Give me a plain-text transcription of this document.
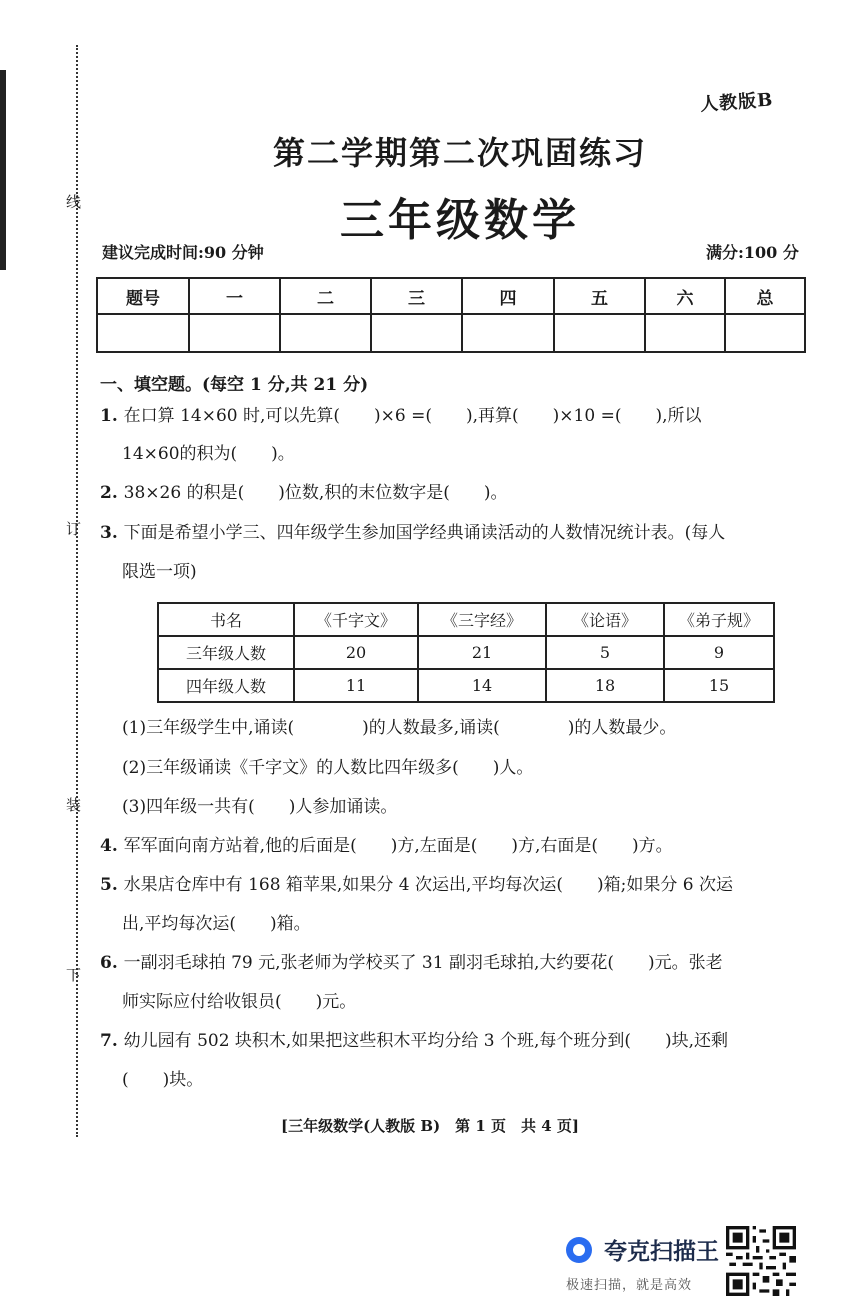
线
订
装
下
人教版B
第二学期第二次巩固练习
三年级数学
建议完成时间:90 分钟	满分:100 分
题号	一	二	三	四	五	六	总

一、填空题。(每空 1 分,共 21 分)
1. 在口算 14×60 时,可以先算(　　)×6 =(　　),再算(　　)×10 =(　　),所以
14×60的积为(　　)。
2. 38×26 的积是(　　)位数,积的末位数字是(　　)。
3. 下面是希望小学三、四年级学生参加国学经典诵读活动的人数情况统计表。(每人
限选一项)
书名	《千字文》	《三字经》	《论语》	《弟子规》
三年级人数	20	21	5	9
四年级人数	11	14	18	15
(1)三年级学生中,诵读(　　　　)的人数最多,诵读(　　　　)的人数最少。
(2)三年级诵读《千字文》的人数比四年级多(　　)人。
(3)四年级一共有(　　)人参加诵读。
4. 军军面向南方站着,他的后面是(　　)方,左面是(　　)方,右面是(　　)方。
5. 水果店仓库中有 168 箱苹果,如果分 4 次运出,平均每次运(　　)箱;如果分 6 次运
出,平均每次运(　　)箱。
6. 一副羽毛球拍 79 元,张老师为学校买了 31 副羽毛球拍,大约要花(　　)元。张老
师实际应付给收银员(　　)元。
7. 幼儿园有 502 块积木,如果把这些积木平均分给 3 个班,每个班分到(　　)块,还剩
(　　)块。
[三年级数学(人教版 B)　第 1 页　共 4 页]
夸克扫描王
极速扫描，就是高效
